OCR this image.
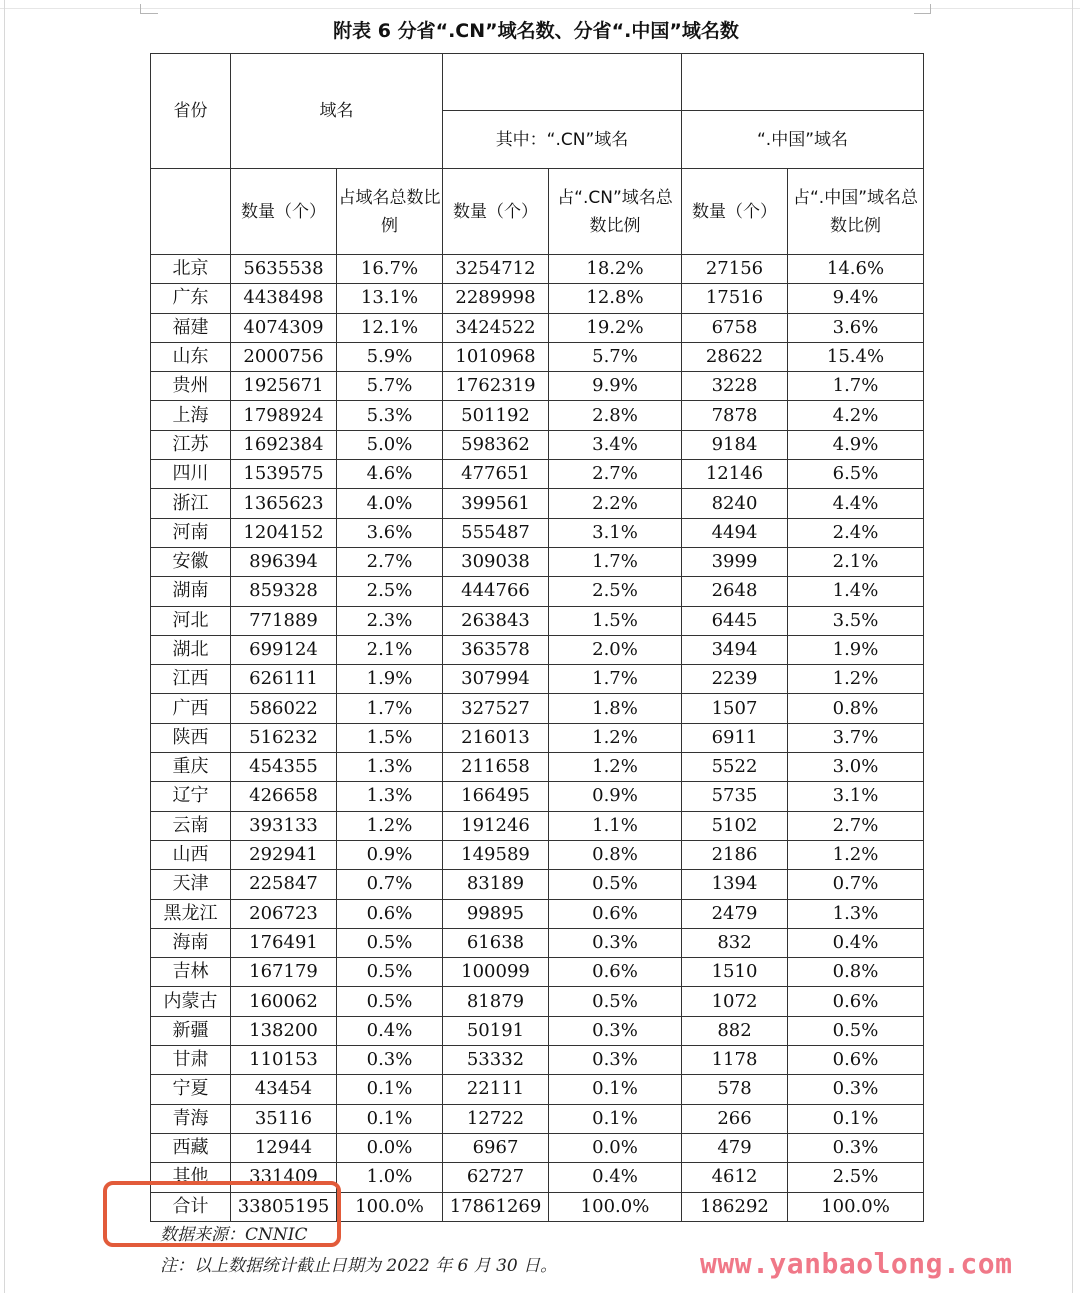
附表 6 分省“.CN”域名数、分省“.中国”域名数
省份	域名					
			其中：“.CN”域名		“.中国”域名	
	数量（个）	占域名总数比例	数量（个）	占“.CN”域名总数比例	数量（个）	占“.中国”域名总数比例
北京	5635538	16.7%	3254712	18.2%	27156	14.6%
广东	4438498	13.1%	2289998	12.8%	17516	9.4%
福建	4074309	12.1%	3424522	19.2%	6758	3.6%
山东	2000756	5.9%	1010968	5.7%	28622	15.4%
贵州	1925671	5.7%	1762319	9.9%	3228	1.7%
上海	1798924	5.3%	501192	2.8%	7878	4.2%
江苏	1692384	5.0%	598362	3.4%	9184	4.9%
四川	1539575	4.6%	477651	2.7%	12146	6.5%
浙江	1365623	4.0%	399561	2.2%	8240	4.4%
河南	1204152	3.6%	555487	3.1%	4494	2.4%
安徽	896394	2.7%	309038	1.7%	3999	2.1%
湖南	859328	2.5%	444766	2.5%	2648	1.4%
河北	771889	2.3%	263843	1.5%	6445	3.5%
湖北	699124	2.1%	363578	2.0%	3494	1.9%
江西	626111	1.9%	307994	1.7%	2239	1.2%
广西	586022	1.7%	327527	1.8%	1507	0.8%
陕西	516232	1.5%	216013	1.2%	6911	3.7%
重庆	454355	1.3%	211658	1.2%	5522	3.0%
辽宁	426658	1.3%	166495	0.9%	5735	3.1%
云南	393133	1.2%	191246	1.1%	5102	2.7%
山西	292941	0.9%	149589	0.8%	2186	1.2%
天津	225847	0.7%	83189	0.5%	1394	0.7%
黑龙江	206723	0.6%	99895	0.6%	2479	1.3%
海南	176491	0.5%	61638	0.3%	832	0.4%
吉林	167179	0.5%	100099	0.6%	1510	0.8%
内蒙古	160062	0.5%	81879	0.5%	1072	0.6%
新疆	138200	0.4%	50191	0.3%	882	0.5%
甘肃	110153	0.3%	53332	0.3%	1178	0.6%
宁夏	43454	0.1%	22111	0.1%	578	0.3%
青海	35116	0.1%	12722	0.1%	266	0.1%
西藏	12944	0.0%	6967	0.0%	479	0.3%
其他	331409	1.0%	62727	0.4%	4612	2.5%
合计	33805195	100.0%	17861269	100.0%	186292	100.0%
数据来源：CNNIC
注：以上数据统计截止日期为 2022 年 6 月 30 日。	www.yanbaolong.com
